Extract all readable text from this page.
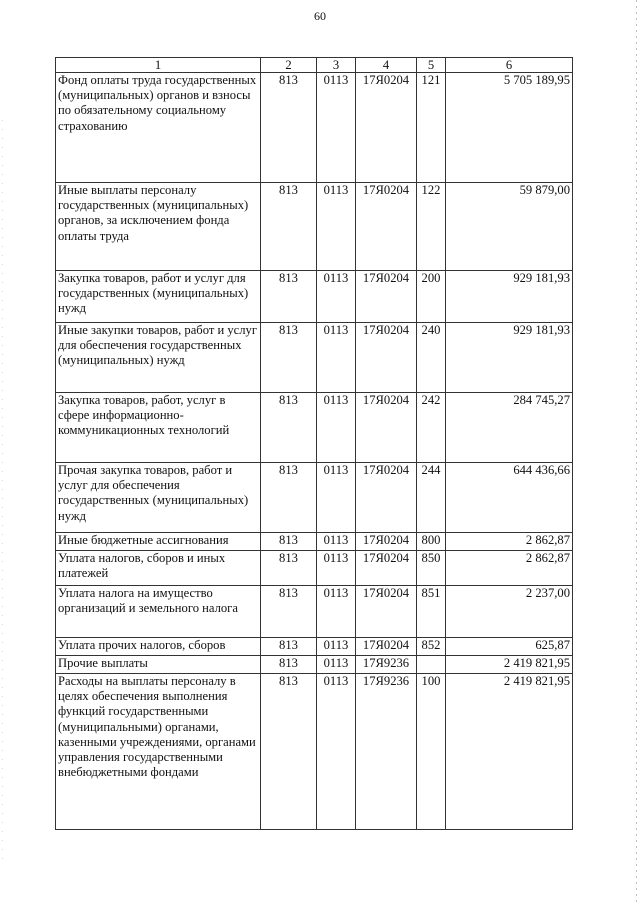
60
1	2	3	4	5	6
Фонд оплаты труда государственных (муниципальных) органов и взносы по обязательному социальному страхованию	813	0113	17Я0204	121	5 705 189,95
Иные выплаты персоналу государственных (муниципальных) органов, за исключением фонда оплаты труда	813	0113	17Я0204	122	59 879,00
Закупка товаров, работ и услуг для государственных (муниципальных) нужд	813	0113	17Я0204	200	929 181,93
Иные закупки товаров, работ и услуг для обеспечения государственных (муниципальных) нужд	813	0113	17Я0204	240	929 181,93
Закупка товаров, работ, услуг в сфере информационно-коммуникационных технологий	813	0113	17Я0204	242	284 745,27
Прочая закупка товаров, работ и услуг для обеспечения государственных (муниципальных) нужд	813	0113	17Я0204	244	644 436,66
Иные бюджетные ассигнования	813	0113	17Я0204	800	2 862,87
Уплата налогов, сборов и иных платежей	813	0113	17Я0204	850	2 862,87
Уплата налога на имущество организаций и земельного налога	813	0113	17Я0204	851	2 237,00
Уплата прочих налогов, сборов	813	0113	17Я0204	852	625,87
Прочие выплаты	813	0113	17Я9236		2 419 821,95
Расходы на выплаты персоналу в целях обеспечения выполнения функций государственными (муниципальными) органами, казенными учреждениями, органами управления государственными внебюджетными фондами	813	0113	17Я9236	100	2 419 821,95
